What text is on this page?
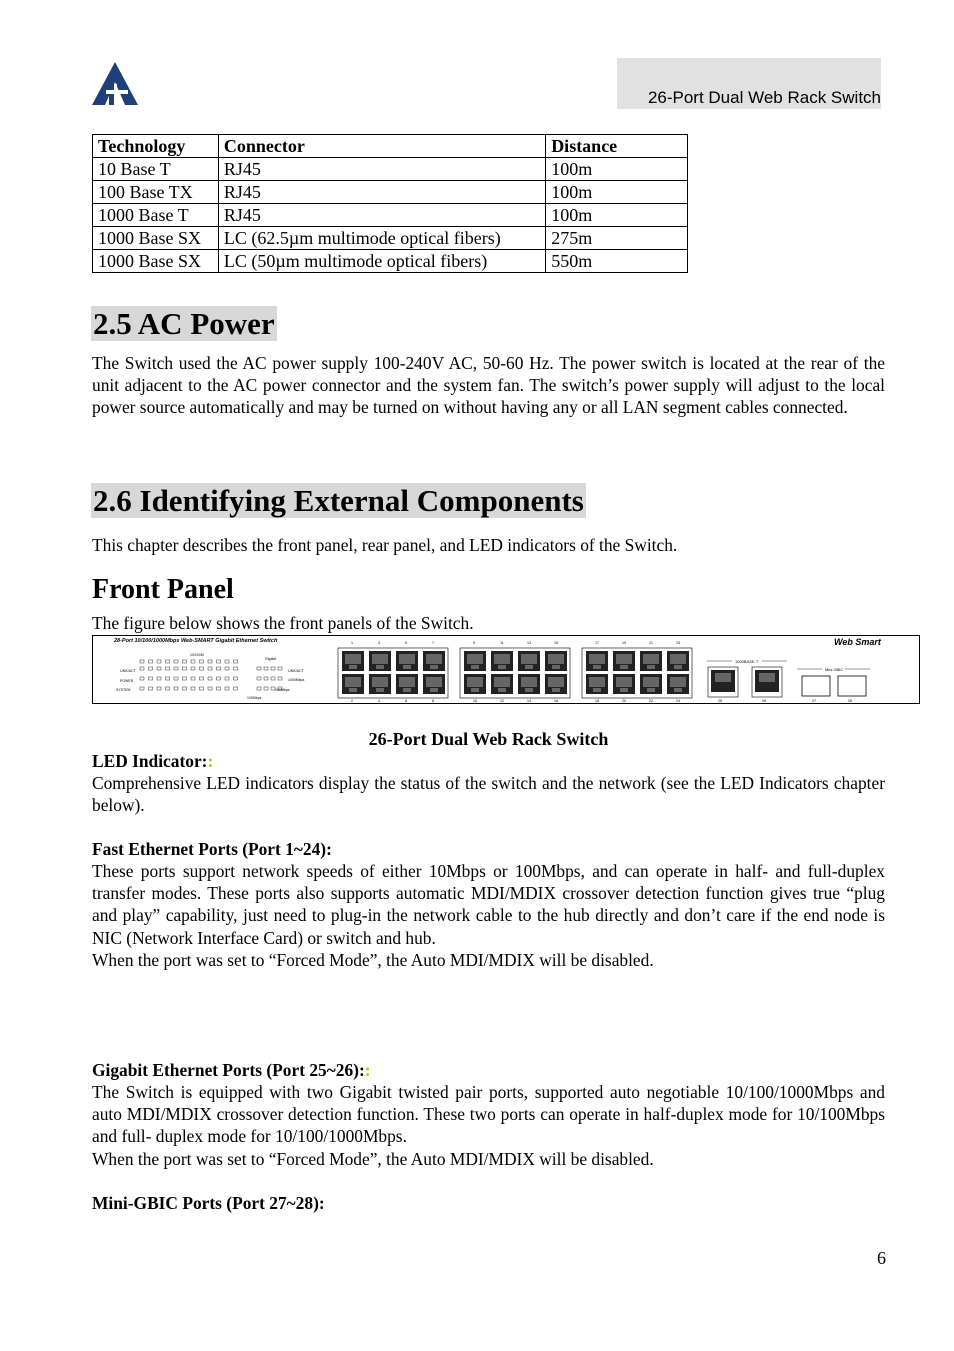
26-Port Dual Web Rack Switch
Technology	Connector	Distance
10 Base T	RJ45	100m
100 Base TX	RJ45	100m
1000 Base T	RJ45	100m
1000 Base SX	LC (62.5µm multimode optical fibers)	275m
1000 Base SX	LC (50µm multimode optical fibers)	550m
2.5 AC Power
The Switch used the AC power supply 100-240V AC, 50-60 Hz. The power switch is located at the rear of the unit adjacent to the AC power connector and the system fan. The switch’s power supply will adjust to the local power source automatically and may be turned on without having any or all LAN segment cables connected.
2.6 Identifying External Components
This chapter describes the front panel, rear panel, and LED indicators of the Switch.
Front Panel
The figure below shows the front panels of the Switch.
28-Port 10/100/1000Mbps Web-SMART Gigabit Ethernet Switch	Web Smart
10/100M
Gigabit
LINK/ACT
POWER
SYSTEM
LINK/ACT
1000Mbps
100Mbps
100Mbps
1
2
3
4
5
6
7
8
9
10
11
12
13
14
15
16
17
18
19
20
21
22
23
24
1000BASE-T
Mini GBIC
25	26	27	28
26-Port Dual Web Rack Switch
LED Indicator::
Comprehensive LED indicators display the status of the switch and the network (see the LED Indicators chapter below).
Fast Ethernet Ports (Port 1~24):
These ports support network speeds of either 10Mbps or 100Mbps, and can operate in half- and full-duplex transfer modes. These ports also supports automatic MDI/MDIX crossover detection function gives true “plug and play” capability, just need to plug-in the network cable to the hub directly and don’t care if the end node is NIC (Network Interface Card) or switch and hub.
When the port was set to “Forced Mode”, the Auto MDI/MDIX will be disabled.
Gigabit Ethernet Ports (Port 25~26)::
The Switch is equipped with two Gigabit twisted pair ports, supported auto negotiable 10/100/1000Mbps and auto MDI/MDIX crossover detection function. These two ports can operate in half-duplex mode for 10/100Mbps and full- duplex mode for 10/100/1000Mbps.
When the port was set to “Forced Mode”, the Auto MDI/MDIX will be disabled.
Mini-GBIC Ports (Port 27~28):
6
